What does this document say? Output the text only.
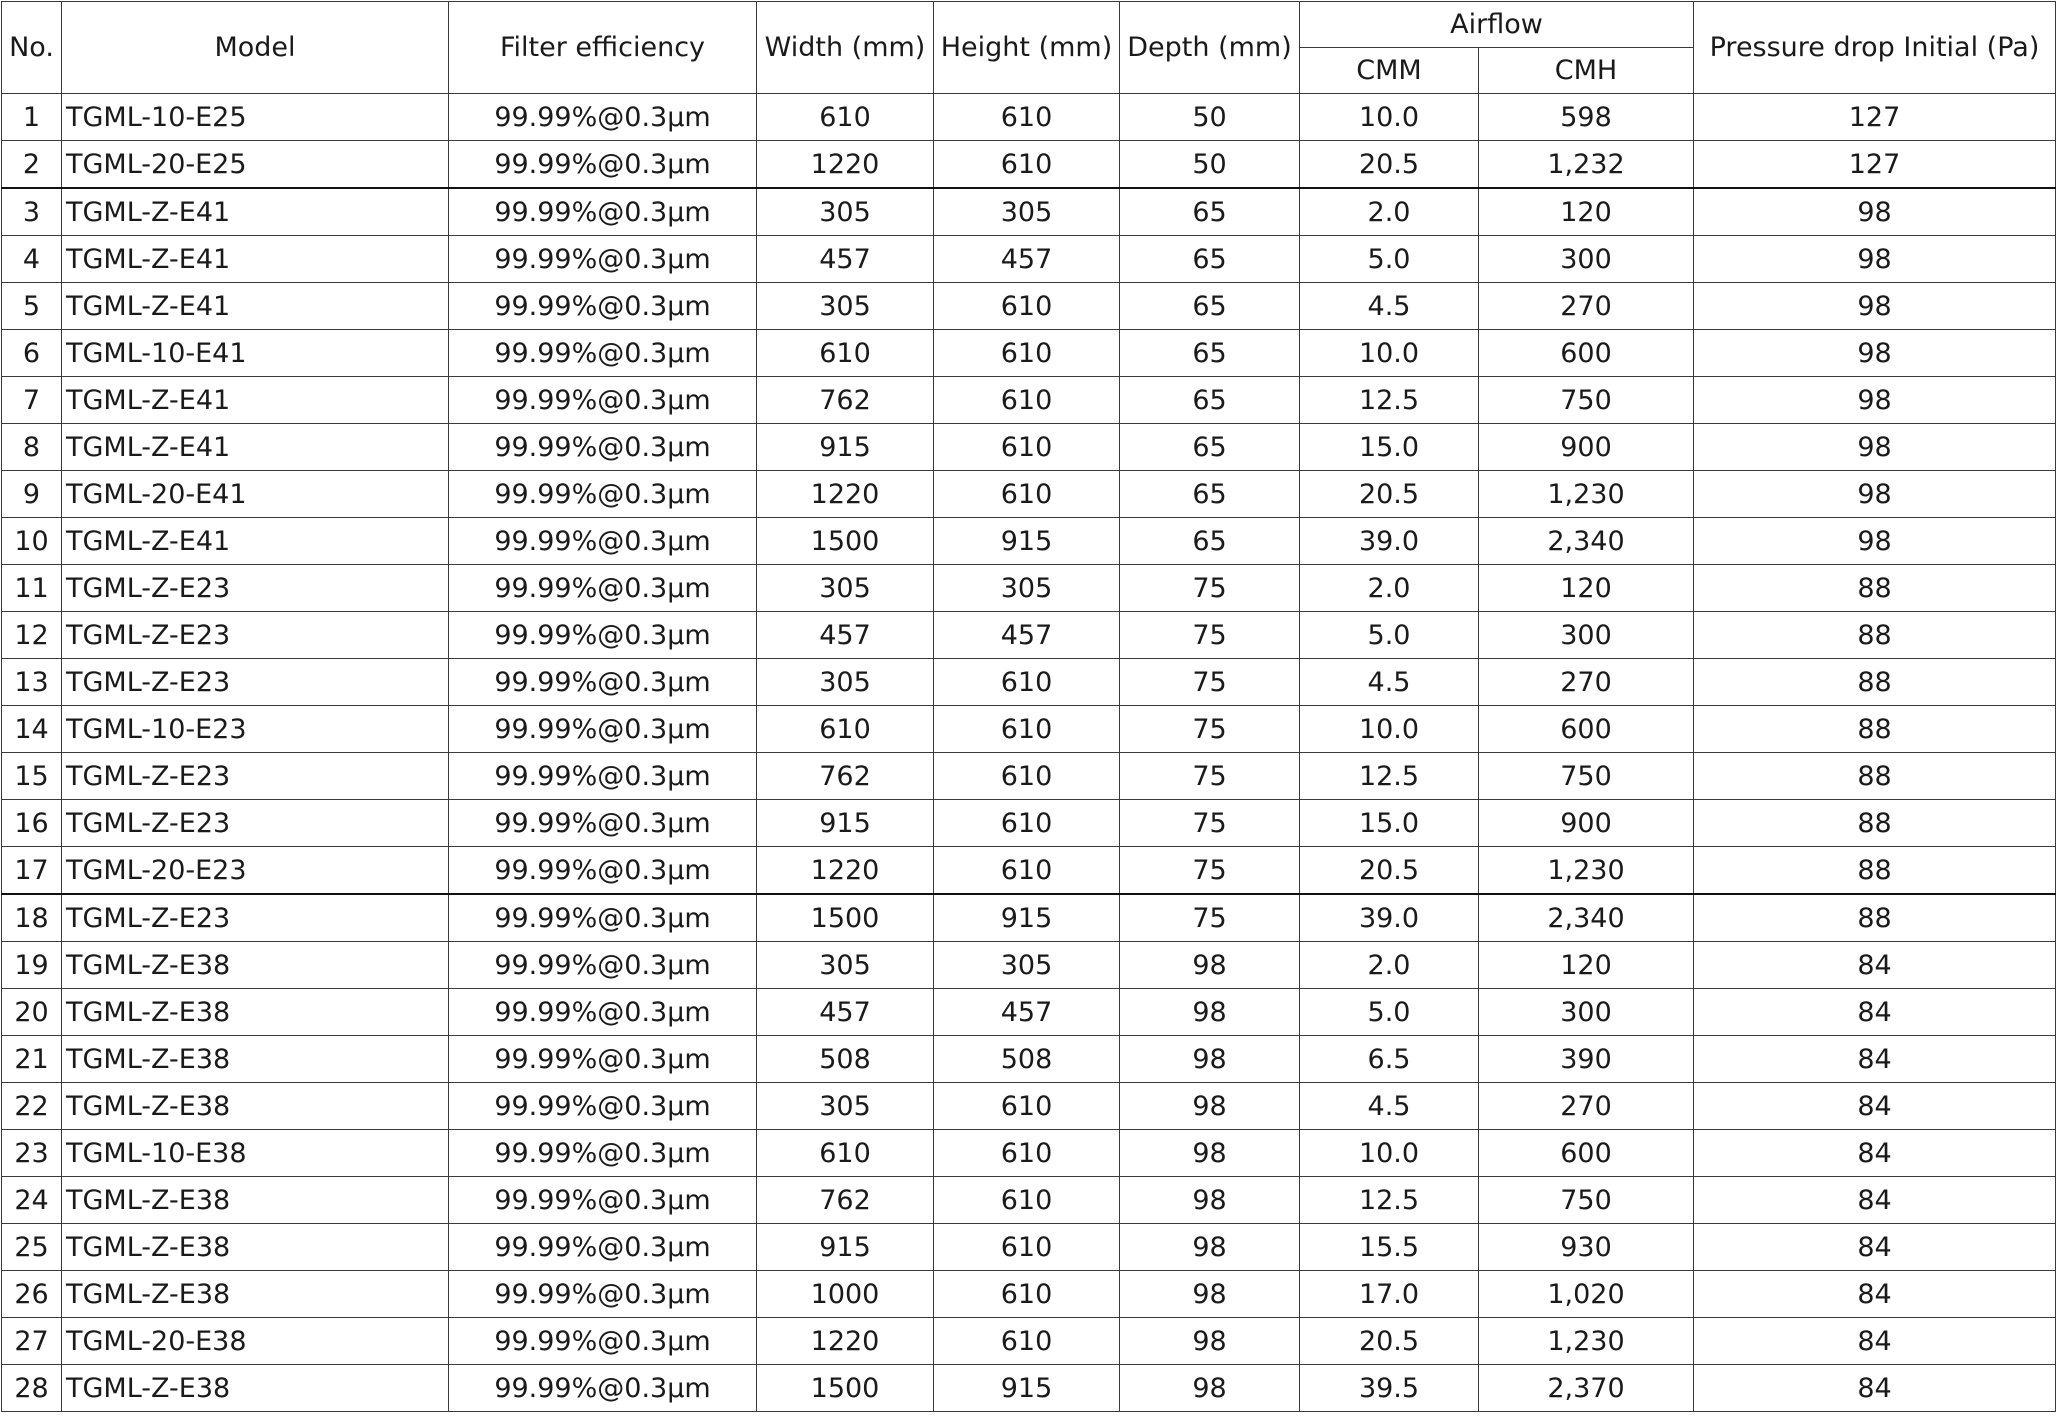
No.	Model	Filter efficiency	Width (mm)	Height (mm)	Depth (mm)	Airflow		Pressure drop Initial (Pa)
						CMM	CMH	
1	TGML-10-E25	99.99%@0.3μm	610	610	50	10.0	598	127
2	TGML-20-E25	99.99%@0.3μm	1220	610	50	20.5	1,232	127
3	TGML-Z-E41	99.99%@0.3μm	305	305	65	2.0	120	98
4	TGML-Z-E41	99.99%@0.3μm	457	457	65	5.0	300	98
5	TGML-Z-E41	99.99%@0.3μm	305	610	65	4.5	270	98
6	TGML-10-E41	99.99%@0.3μm	610	610	65	10.0	600	98
7	TGML-Z-E41	99.99%@0.3μm	762	610	65	12.5	750	98
8	TGML-Z-E41	99.99%@0.3μm	915	610	65	15.0	900	98
9	TGML-20-E41	99.99%@0.3μm	1220	610	65	20.5	1,230	98
10	TGML-Z-E41	99.99%@0.3μm	1500	915	65	39.0	2,340	98
11	TGML-Z-E23	99.99%@0.3μm	305	305	75	2.0	120	88
12	TGML-Z-E23	99.99%@0.3μm	457	457	75	5.0	300	88
13	TGML-Z-E23	99.99%@0.3μm	305	610	75	4.5	270	88
14	TGML-10-E23	99.99%@0.3μm	610	610	75	10.0	600	88
15	TGML-Z-E23	99.99%@0.3μm	762	610	75	12.5	750	88
16	TGML-Z-E23	99.99%@0.3μm	915	610	75	15.0	900	88
17	TGML-20-E23	99.99%@0.3μm	1220	610	75	20.5	1,230	88
18	TGML-Z-E23	99.99%@0.3μm	1500	915	75	39.0	2,340	88
19	TGML-Z-E38	99.99%@0.3μm	305	305	98	2.0	120	84
20	TGML-Z-E38	99.99%@0.3μm	457	457	98	5.0	300	84
21	TGML-Z-E38	99.99%@0.3μm	508	508	98	6.5	390	84
22	TGML-Z-E38	99.99%@0.3μm	305	610	98	4.5	270	84
23	TGML-10-E38	99.99%@0.3μm	610	610	98	10.0	600	84
24	TGML-Z-E38	99.99%@0.3μm	762	610	98	12.5	750	84
25	TGML-Z-E38	99.99%@0.3μm	915	610	98	15.5	930	84
26	TGML-Z-E38	99.99%@0.3μm	1000	610	98	17.0	1,020	84
27	TGML-20-E38	99.99%@0.3μm	1220	610	98	20.5	1,230	84
28	TGML-Z-E38	99.99%@0.3μm	1500	915	98	39.5	2,370	84
